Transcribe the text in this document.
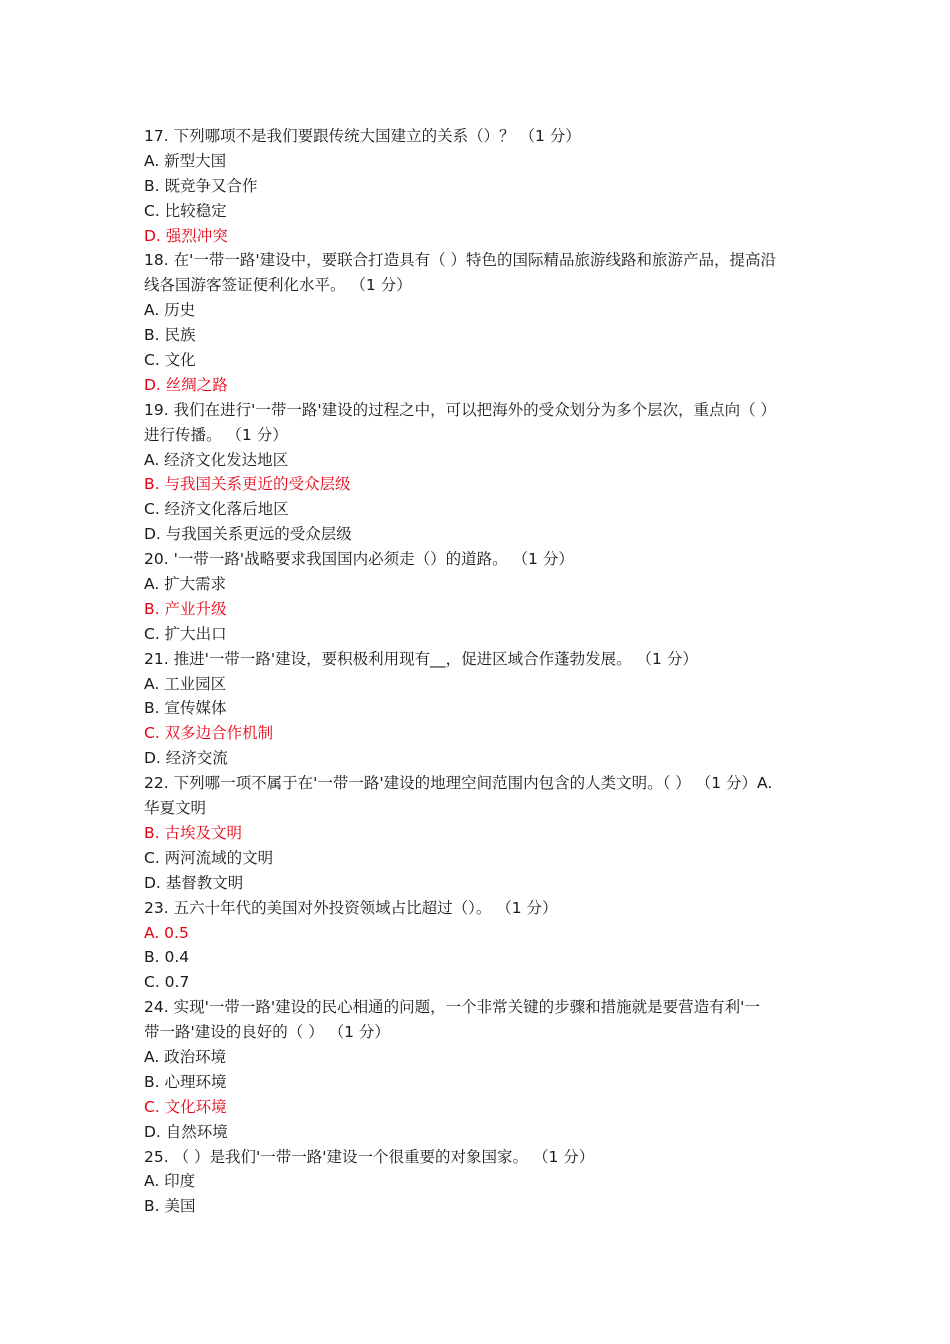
17. 下列哪项不是我们要跟传统大国建立的关系（）？ （1 分）
A. 新型大国
B. 既竞争又合作
C. 比较稳定
D. 强烈冲突
18. 在'一带一路'建设中，要联合打造具有（ ）特色的国际精品旅游线路和旅游产品，提高沿
线各国游客签证便利化水平。 （1 分）
A. 历史
B. 民族
C. 文化
D. 丝绸之路
19. 我们在进行'一带一路'建设的过程之中，可以把海外的受众划分为多个层次，重点向（ ）
进行传播。 （1 分）
A. 经济文化发达地区
B. 与我国关系更近的受众层级
C. 经济文化落后地区
D. 与我国关系更远的受众层级
20. '一带一路'战略要求我国国内必须走（）的道路。 （1 分）
A. 扩大需求
B. 产业升级
C. 扩大出口
21. 推进'一带一路'建设，要积极利用现有__，促进区域合作蓬勃发展。 （1 分）
A. 工业园区
B. 宣传媒体
C. 双多边合作机制
D. 经济交流
22. 下列哪一项不属于在'一带一路'建设的地理空间范围内包含的人类文明。（ ） （1 分）A.
华夏文明
B. 古埃及文明
C. 两河流域的文明
D. 基督教文明
23. 五六十年代的美国对外投资领域占比超过（）。 （1 分）
A. 0.5
B. 0.4
C. 0.7
24. 实现'一带一路'建设的民心相通的问题，一个非常关键的步骤和措施就是要营造有利'一
带一路'建设的良好的（ ） （1 分）
A. 政治环境
B. 心理环境
C. 文化环境
D. 自然环境
25. （ ）是我们'一带一路'建设一个很重要的对象国家。 （1 分）
A. 印度
B. 美国
